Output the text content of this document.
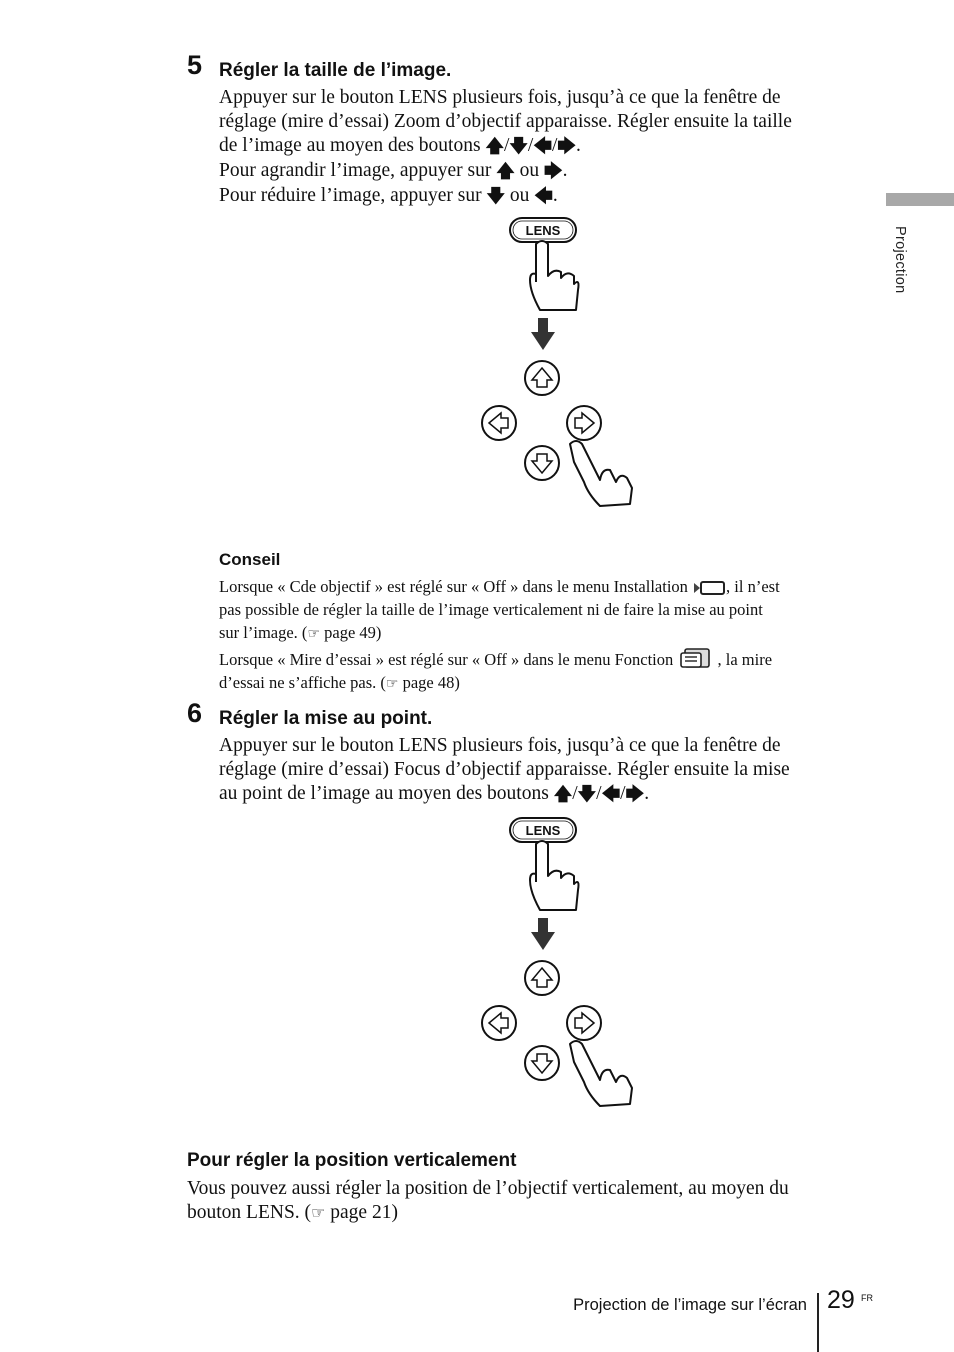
Projection
5 Régler la taille de l’image.
Appuyer sur le bouton LENS plusieurs fois, jusqu’à ce que la fenêtre de
réglage (mire d’essai) Zoom d’objectif apparaisse. Régler ensuite la taille
de l’image au moyen des boutons 🡅/🡇/🡄/🡆.
Pour agrandir l’image, appuyer sur 🡅 ou 🡆.
Pour réduire l’image, appuyer sur 🡇 ou 🡄.
LENS
Conseil
Lorsque « Cde objectif » est réglé sur « Off » dans le menu Installation , il n’est
pas possible de régler la taille de l’image verticalement ni de faire la mise au point
sur l’image. (☞ page 49)
Lorsque « Mire d’essai » est réglé sur « Off » dans le menu Fonction	, la mire
d’essai ne s’affiche pas. (☞ page 48)
6 Régler la mise au point.
Appuyer sur le bouton LENS plusieurs fois, jusqu’à ce que la fenêtre de
réglage (mire d’essai) Focus d’objectif apparaisse. Régler ensuite la mise
au point de l’image au moyen des boutons 🡅/🡇/🡄/🡆.
LENS
Pour régler la position verticalement
Vous pouvez aussi régler la position de l’objectif verticalement, au moyen du
bouton LENS. (☞ page 21)
Projection de l’image sur l’écran 29 FR
